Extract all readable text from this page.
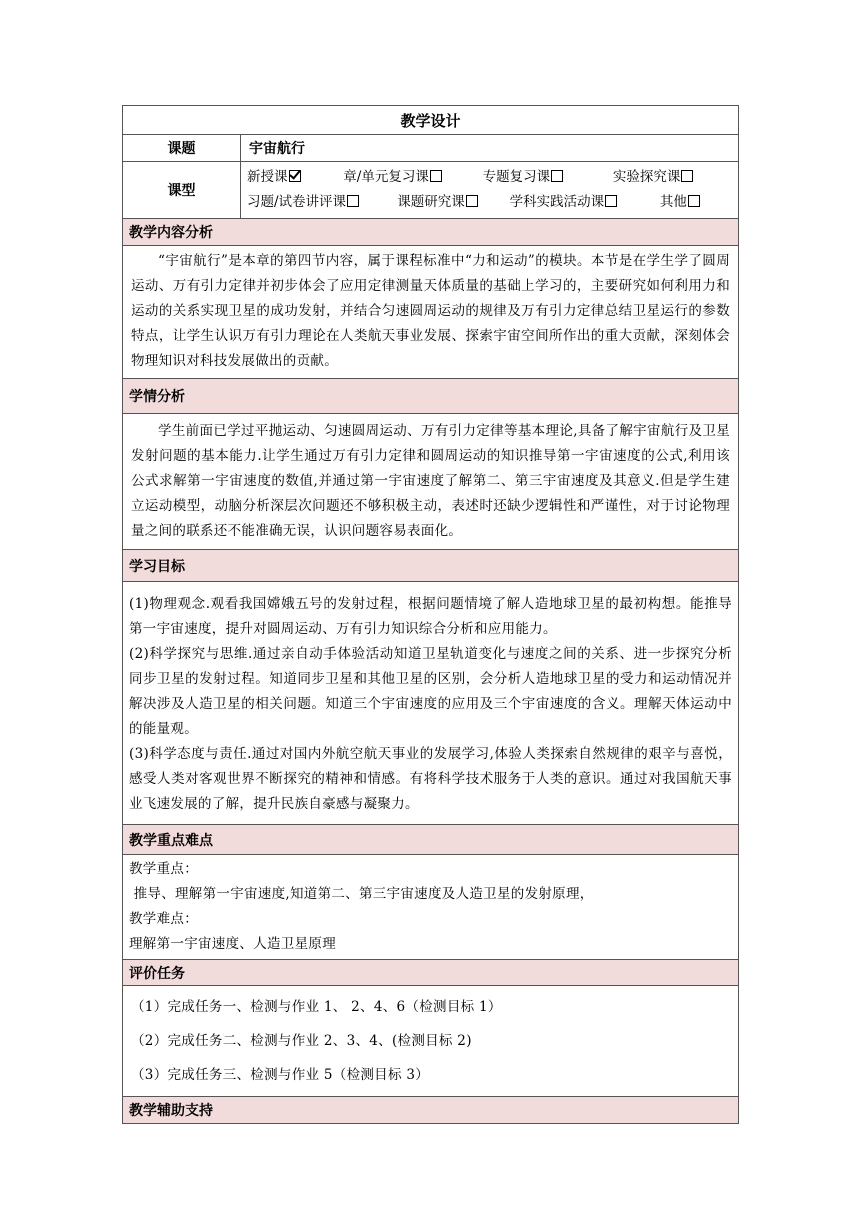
教学设计	
课题	宇宙航行
课型	新授课 章/单元复习课 专题复习课 实验探究课
习题/试卷讲评课 课题研究课 学科实践活动课 其他

教学内容分析	
“宇宙航行”是本章的第四节内容，属于课程标准中“力和运动”的模块。本节是在学生学了圆周运动、万有引力定律并初步体会了应用定律测量天体质量的基础上学习的，主要研究如何利用力和运动的关系实现卫星的成功发射，并结合匀速圆周运动的规律及万有引力定律总结卫星运行的参数特点，让学生认识万有引力理论在人类航天事业发展、探索宇宙空间所作出的重大贡献，深刻体会物理知识对科技发展做出的贡献。	
学情分析	
学生前面已学过平抛运动、匀速圆周运动、万有引力定律等基本理论,具备了解宇宙航行及卫星发射问题的基本能力.让学生通过万有引力定律和圆周运动的知识推导第一宇宙速度的公式,利用该公式求解第一宇宙速度的数值,并通过第一宇宙速度了解第二、第三宇宙速度及其意义.但是学生建立运动模型，动脑分析深层次问题还不够积极主动，表述时还缺少逻辑性和严谨性，对于讨论物理量之间的联系还不能准确无误，认识问题容易表面化。	
学习目标	

(1)物理观念.观看我国嫦娥五号的发射过程，根据问题情境了解人造地球卫星的最初构想。能推导第一宇宙速度，提升对圆周运动、万有引力知识综合分析和应用能力。

(2)科学探究与思维.通过亲自动手体验活动知道卫星轨道变化与速度之间的关系、进一步探究分析同步卫星的发射过程。知道同步卫星和其他卫星的区别，会分析人造地球卫星的受力和运动情况并解决涉及人造卫星的相关问题。知道三个宇宙速度的应用及三个宇宙速度的含义。理解天体运动中的能量观。

(3)科学态度与责任.通过对国内外航空航天事业的发展学习,体验人类探索自然规律的艰辛与喜悦，感受人类对客观世界不断探究的精神和情感。有将科学技术服务于人类的意识。通过对我国航天事业飞速发展的了解，提升民族自豪感与凝聚力。	

教学重点难点	

教学重点：

推导、理解第一宇宙速度,知道第二、第三宇宙速度及人造卫星的发射原理，

教学难点：

理解第一宇宙速度、人造卫星原理	

评价任务	

（1）完成任务一、检测与作业 1、 2、4、6（检测目标 1）

（2）完成任务二、检测与作业 2、3、4、(检测目标 2)

（3）完成任务三、检测与作业 5（检测目标 3）	

教学辅助支持	
